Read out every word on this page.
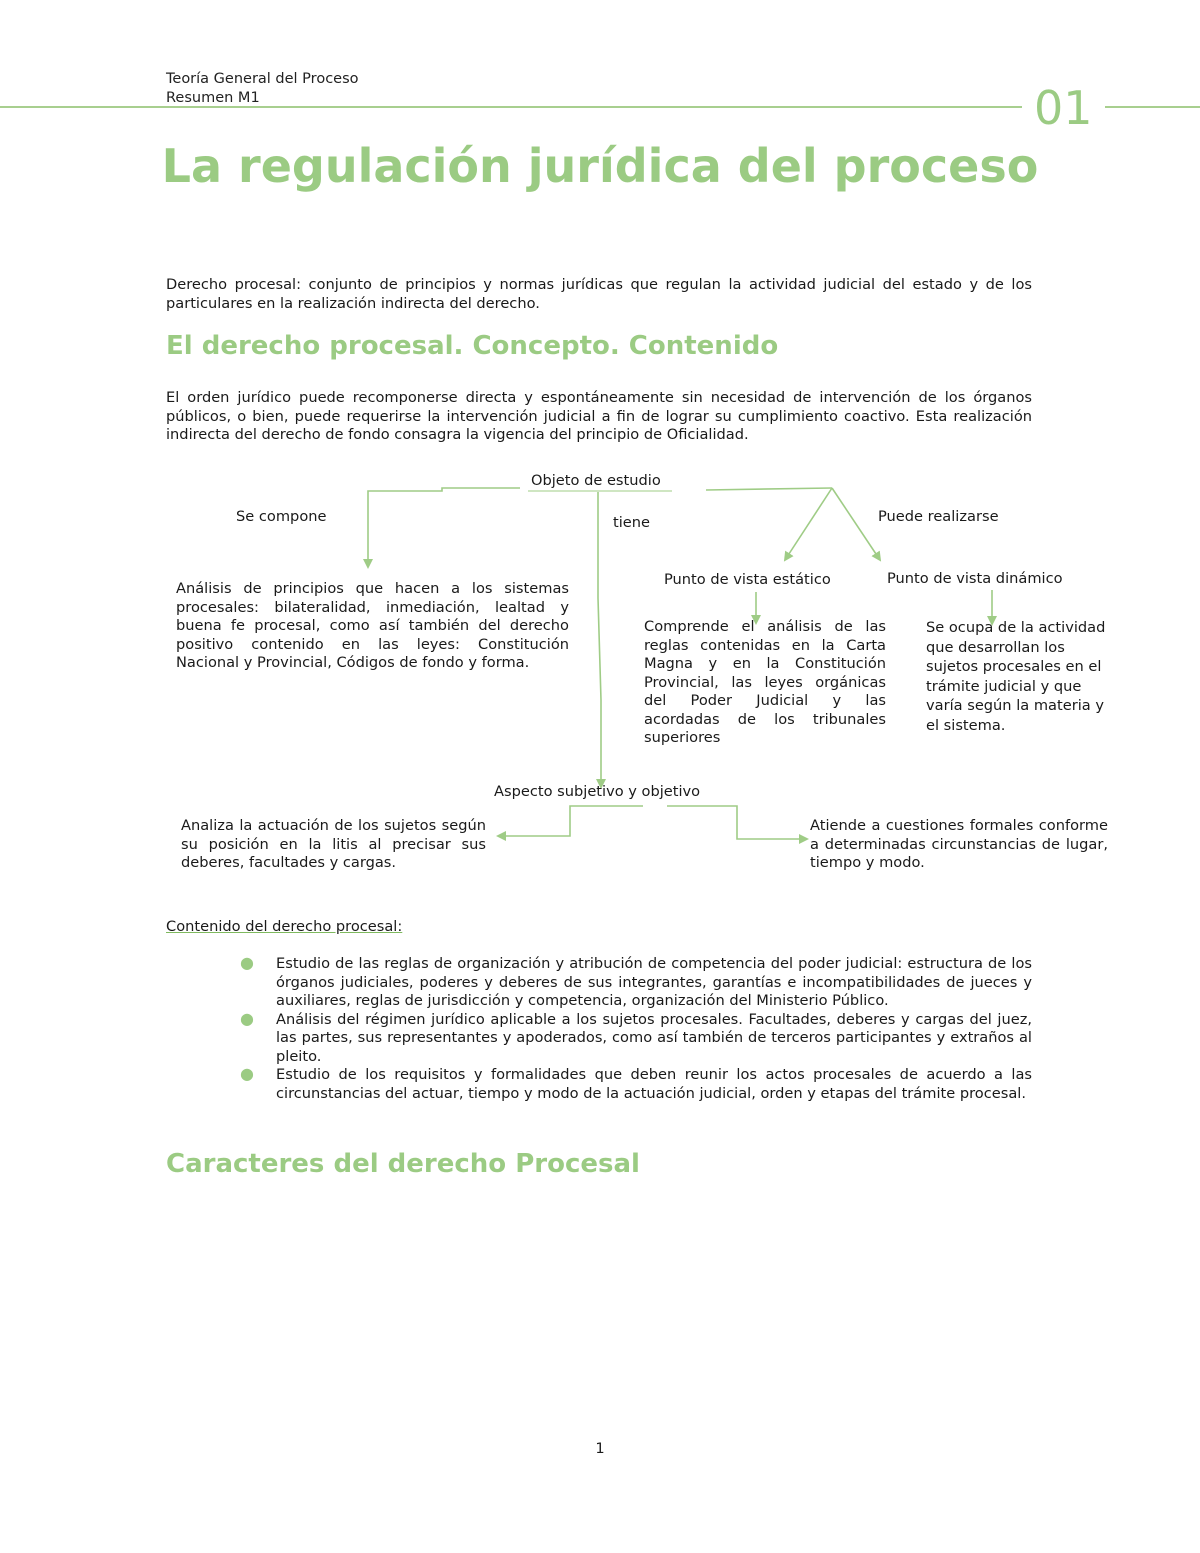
Teoría General del Proceso
Resumen M1	01
La regulación jurídica del proceso
Derecho procesal: conjunto de principios y normas jurídicas que regulan la actividad judicial del estado y de los particulares en la realización indirecta del derecho.
El derecho procesal. Concepto. Contenido
El orden jurídico puede recomponerse directa y espontáneamente sin necesidad de intervención de los órganos públicos, o bien, puede requerirse la intervención judicial a fin de lograr su cumplimiento coactivo. Esta realización indirecta del derecho de fondo consagra la vigencia del principio de Oficialidad.
Objeto de estudio
Se compone	tiene	Puede realizarse
Análisis de principios que hacen a los sistemas procesales: bilateralidad, inmediación, lealtad y buena fe procesal, como así también del derecho positivo contenido en las leyes: Constitución Nacional y Provincial, Códigos de fondo y forma.
Punto de vista estático
Comprende el análisis de las reglas contenidas en la Carta Magna y en la Constitución Provincial, las leyes orgánicas del Poder Judicial y las acordadas de los tribunales superiores
Punto de vista dinámico
Se ocupa de la actividad que desarrollan los sujetos procesales en el trámite judicial y que varía según la materia y el sistema.
Aspecto subjetivo y objetivo
Analiza la actuación de los sujetos según su posición en la litis al precisar sus deberes, facultades y cargas.
Atiende a cuestiones formales conforme a determinadas circunstancias de lugar, tiempo y modo.
Contenido del derecho procesal:
● Estudio de las reglas de organización y atribución de competencia del poder judicial: estructura de los órganos judiciales, poderes y deberes de sus integrantes, garantías e incompatibilidades de jueces y auxiliares, reglas de jurisdicción y competencia, organización del Ministerio Público.
● Análisis del régimen jurídico aplicable a los sujetos procesales. Facultades, deberes y cargas del juez, las partes, sus representantes y apoderados, como así también de terceros participantes y extraños al pleito.
● Estudio de los requisitos y formalidades que deben reunir los actos procesales de acuerdo a las circunstancias del actuar, tiempo y modo de la actuación judicial, orden y etapas del trámite procesal.
Caracteres del derecho Procesal
1
